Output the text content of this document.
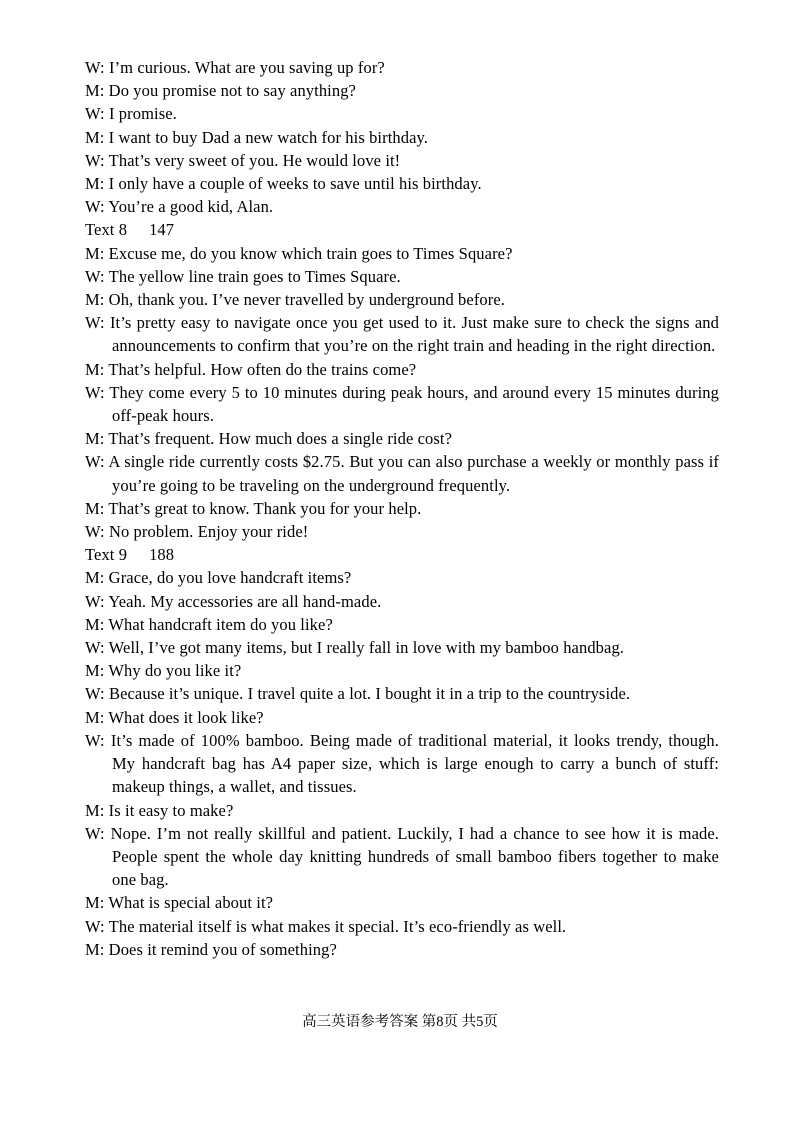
W: I’m curious. What are you saving up for?

M: Do you promise not to say anything?

W: I promise.

M: I want to buy Dad a new watch for his birthday.

W: That’s very sweet of you. He would love it!

M: I only have a couple of weeks to save until his birthday.

W: You’re a good kid, Alan.

Text 8 147

M: Excuse me, do you know which train goes to Times Square?

W: The yellow line train goes to Times Square.

M: Oh, thank you. I’ve never travelled by underground before.

W: It’s pretty easy to navigate once you get used to it. Just make sure to check the signs and announcements to confirm that you’re on the right train and heading in the right direction.

M: That’s helpful. How often do the trains come?

W: They come every 5 to 10 minutes during peak hours, and around every 15 minutes during off-peak hours.

M: That’s frequent. How much does a single ride cost?

W: A single ride currently costs $2.75. But you can also purchase a weekly or monthly pass if you’re going to be traveling on the underground frequently.

M: That’s great to know. Thank you for your help.

W: No problem. Enjoy your ride!

Text 9 188

M: Grace, do you love handcraft items?

W: Yeah. My accessories are all hand-made.

M: What handcraft item do you like?

W: Well, I’ve got many items, but I really fall in love with my bamboo handbag.

M: Why do you like it?

W: Because it’s unique. I travel quite a lot. I bought it in a trip to the countryside.

M: What does it look like?

W: It’s made of 100% bamboo. Being made of traditional material, it looks trendy, though. My handcraft bag has A4 paper size, which is large enough to carry a bunch of stuff: makeup things, a wallet, and tissues.

M: Is it easy to make?

W: Nope. I’m not really skillful and patient. Luckily, I had a chance to see how it is made. People spent the whole day knitting hundreds of small bamboo fibers together to make one bag.

M: What is special about it?

W: The material itself is what makes it special. It’s eco-friendly as well.

M: Does it remind you of something?

高三英语参考答案 第8页 共5页
